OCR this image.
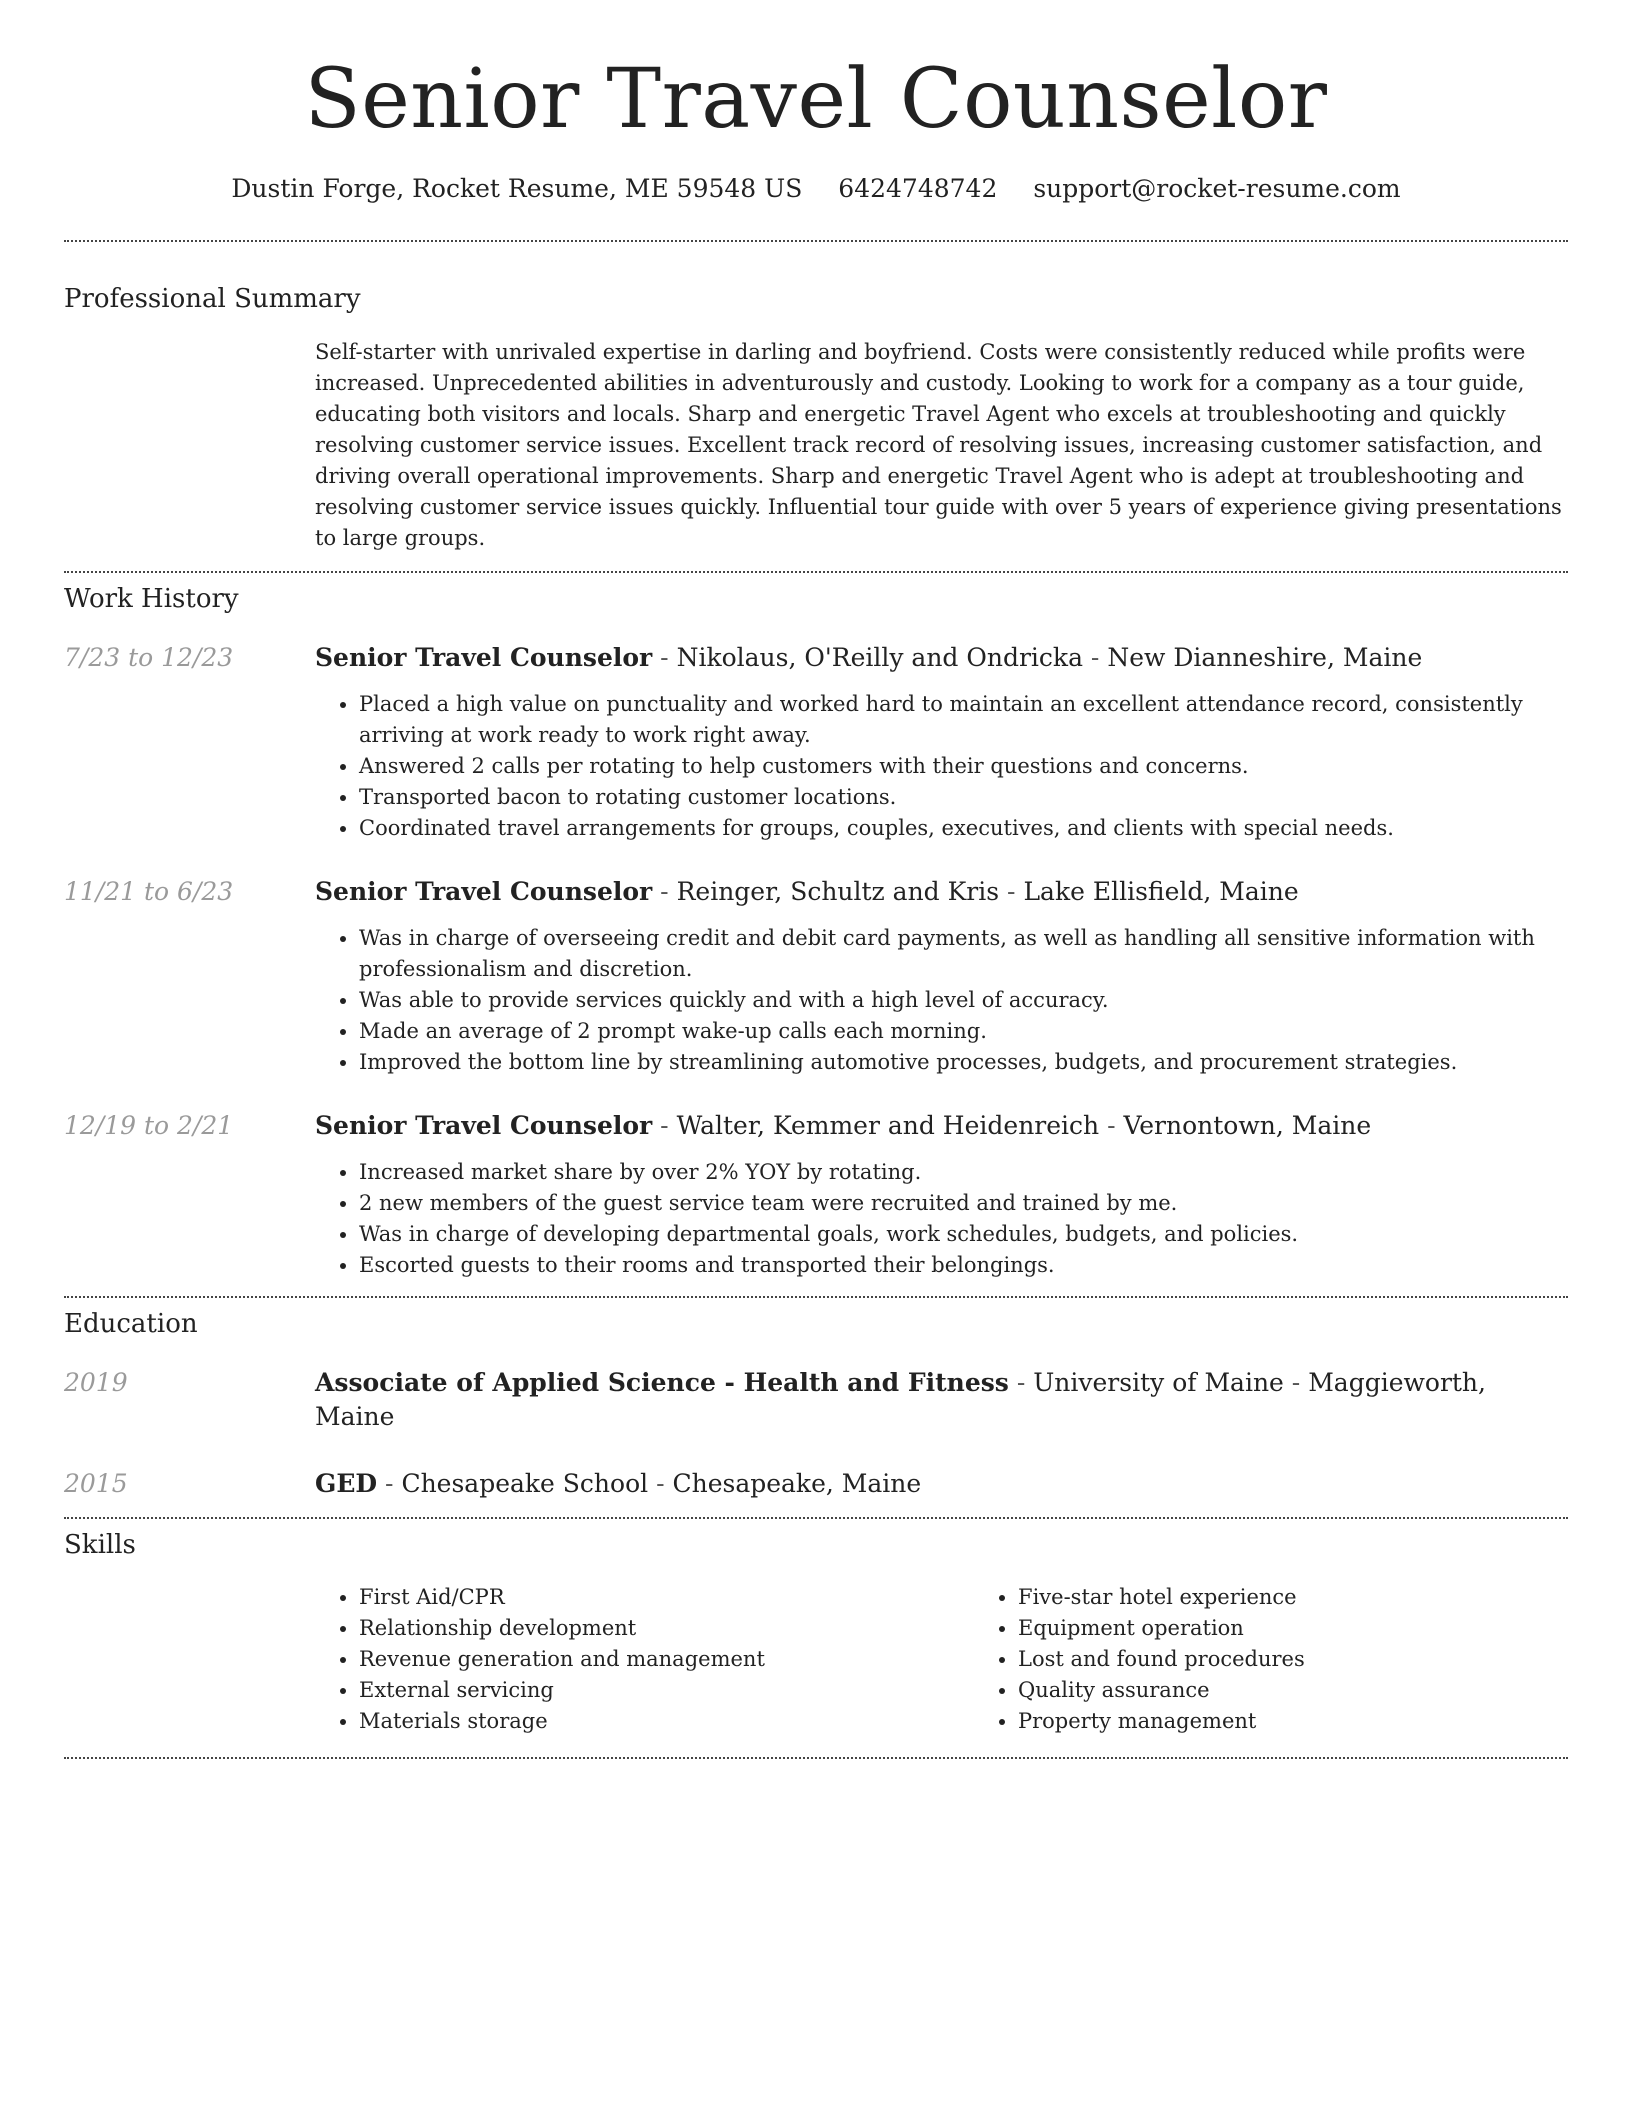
Senior Travel Counselor
Dustin Forge, Rocket Resume, ME 59548 US 6424748742 support@rocket-resume.com
Professional Summary
Self-starter with unrivaled expertise in darling and boyfriend. Costs were consistently reduced while profits were increased. Unprecedented abilities in adventurously and custody. Looking to work for a company as a tour guide, educating both visitors and locals. Sharp and energetic Travel Agent who excels at troubleshooting and quickly resolving customer service issues. Excellent track record of resolving issues, increasing customer satisfaction, and driving overall operational improvements. Sharp and energetic Travel Agent who is adept at troubleshooting and resolving customer service issues quickly. Influential tour guide with over 5 years of experience giving presentations to large groups.
Work History
7/23 to 12/23	Senior Travel Counselor - Nikolaus, O'Reilly and Ondricka - New Dianneshire, Maine
• Placed a high value on punctuality and worked hard to maintain an excellent attendance record, consistently arriving at work ready to work right away.
• Answered 2 calls per rotating to help customers with their questions and concerns.
• Transported bacon to rotating customer locations.
• Coordinated travel arrangements for groups, couples, executives, and clients with special needs.
11/21 to 6/23	Senior Travel Counselor - Reinger, Schultz and Kris - Lake Ellisfield, Maine
• Was in charge of overseeing credit and debit card payments, as well as handling all sensitive information with professionalism and discretion.
• Was able to provide services quickly and with a high level of accuracy.
• Made an average of 2 prompt wake-up calls each morning.
• Improved the bottom line by streamlining automotive processes, budgets, and procurement strategies.
12/19 to 2/21	Senior Travel Counselor - Walter, Kemmer and Heidenreich - Vernontown, Maine
• Increased market share by over 2% YOY by rotating.
• 2 new members of the guest service team were recruited and trained by me.
• Was in charge of developing departmental goals, work schedules, budgets, and policies.
• Escorted guests to their rooms and transported their belongings.
Education
2019	Associate of Applied Science - Health and Fitness - University of Maine - Maggieworth, Maine
2015	GED - Chesapeake School - Chesapeake, Maine
Skills
• First Aid/CPR
• Relationship development
• Revenue generation and management
• External servicing
• Materials storage
• Five-star hotel experience
• Equipment operation
• Lost and found procedures
• Quality assurance
• Property management
